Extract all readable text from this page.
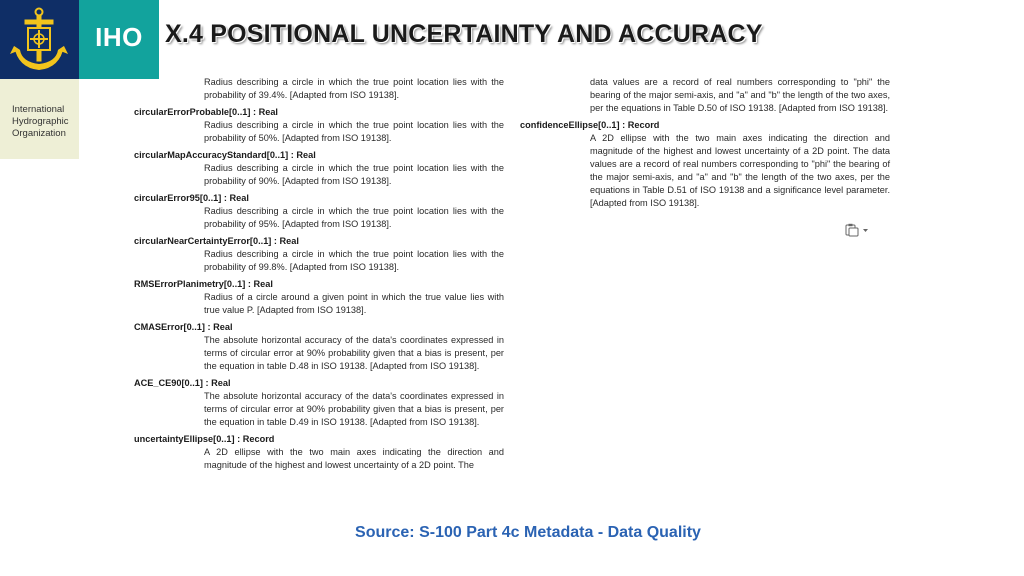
IHO
International
Hydrographic
Organization
X.4 POSITIONAL UNCERTAINTY AND ACCURACY
Radius describing a circle in which the true point location lies with the probability of 39.4%. [Adapted from ISO 19138].
circularErrorProbable[0..1] : Real
Radius describing a circle in which the true point location lies with the probability of 50%. [Adapted from ISO 19138].
circularMapAccuracyStandard[0..1] : Real
Radius describing a circle in which the true point location lies with the probability of 90%. [Adapted from ISO 19138].
circularError95[0..1] : Real
Radius describing a circle in which the true point location lies with the probability of 95%. [Adapted from ISO 19138].
circularNearCertaintyError[0..1] : Real
Radius describing a circle in which the true point location lies with the probability of 99.8%. [Adapted from ISO 19138].
RMSErrorPlanimetry[0..1] : Real
Radius of a circle around a given point in which the true value lies with true value P. [Adapted from ISO 19138].
CMASError[0..1] : Real
The absolute horizontal accuracy of the data's coordinates expressed in terms of circular error at 90% probability given that a bias is present, per the equation in table D.48 in ISO 19138. [Adapted from ISO 19138].
ACE_CE90[0..1] : Real
The absolute horizontal accuracy of the data's coordinates expressed in terms of circular error at 90% probability given that a bias is present, per the equation in table D.49 in ISO 19138. [Adapted from ISO 19138].
uncertaintyEllipse[0..1] : Record
A 2D ellipse with the two main axes indicating the direction and magnitude of the highest and lowest uncertainty of a 2D point. The
data values are a record of real numbers corresponding to "phi" the bearing of the major semi-axis, and "a" and "b" the length of the two axes, per the equations in Table D.50 of ISO 19138. [Adapted from ISO 19138].
confidenceEllipse[0..1] : Record
A 2D ellipse with the two main axes indicating the direction and magnitude of the highest and lowest uncertainty of a 2D point. The data values are a record of real numbers corresponding to "phi" the bearing of the major semi-axis, and "a" and "b" the length of the two axes, per the equations in Table D.51 of ISO 19138 and a significance level parameter. [Adapted from ISO 19138].
Source: S-100 Part 4c Metadata - Data Quality
